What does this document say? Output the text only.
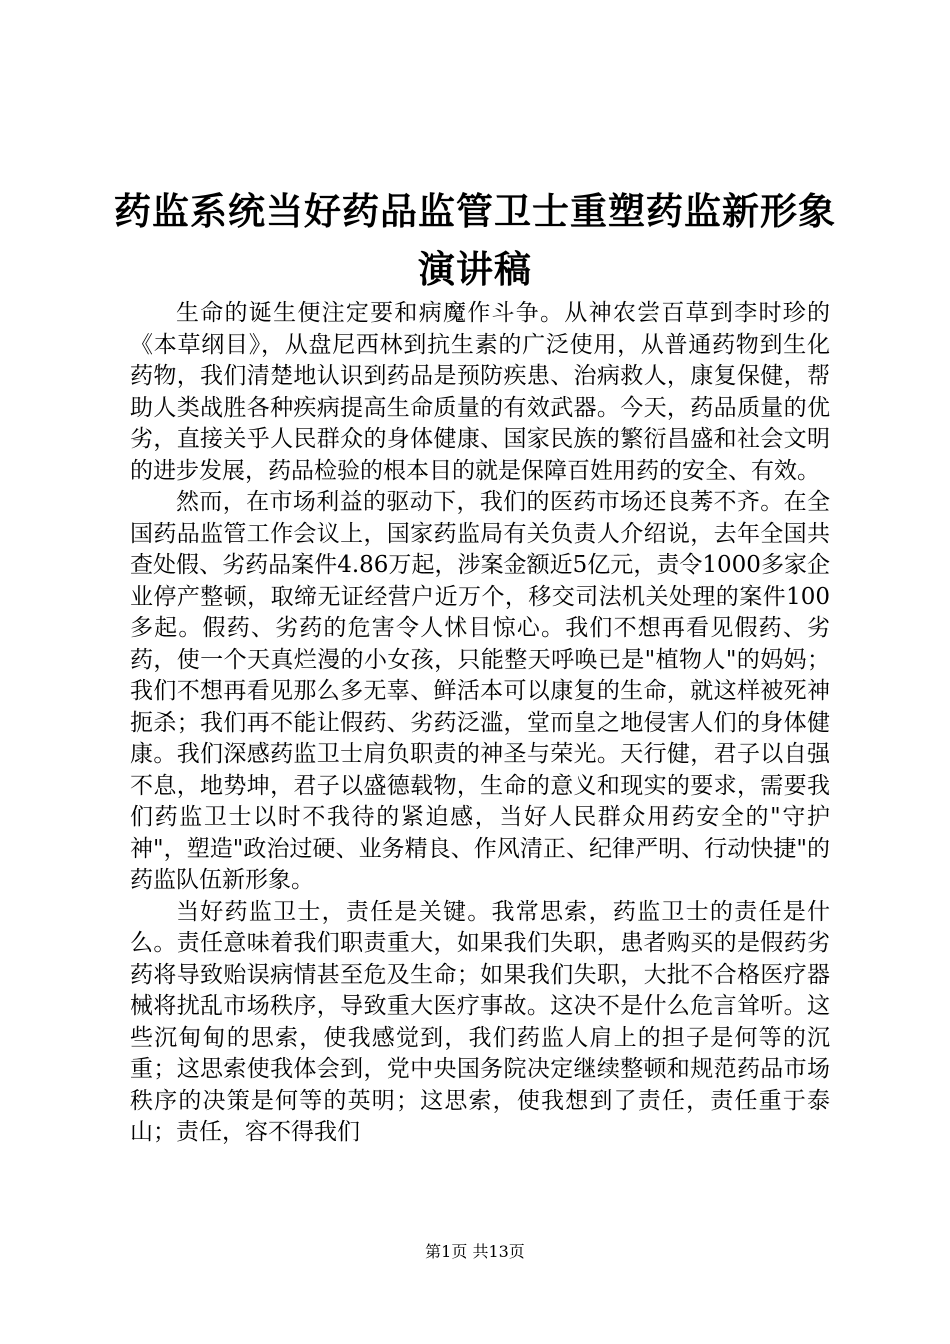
药监系统当好药品监管卫士重塑药监新形象演讲稿

生命的诞生便注定要和病魔作斗争。从神农尝百草到李时珍的《本草纲目》，从盘尼西林到抗生素的广泛使用，从普通药物到生化药物，我们清楚地认识到药品是预防疾患、治病救人，康复保健，帮助人类战胜各种疾病提高生命质量的有效武器。今天，药品质量的优劣，直接关乎人民群众的身体健康、国家民族的繁衍昌盛和社会文明的进步发展，药品检验的根本目的就是保障百姓用药的安全、有效。

然而，在市场利益的驱动下，我们的医药市场还良莠不齐。在全国药品监管工作会议上，国家药监局有关负责人介绍说，去年全国共查处假、劣药品案件4.86万起，涉案金额近5亿元，责令1000多家企业停产整顿，取缔无证经营户近万个，移交司法机关处理的案件100多起。假药、劣药的危害令人怵目惊心。我们不想再看见假药、劣药，使一个天真烂漫的小女孩，只能整天呼唤已是"植物人"的妈妈；我们不想再看见那么多无辜、鲜活本可以康复的生命，就这样被死神扼杀；我们再不能让假药、劣药泛滥，堂而皇之地侵害人们的身体健康。我们深感药监卫士肩负职责的神圣与荣光。天行健，君子以自强不息，地势坤，君子以盛德载物，生命的意义和现实的要求，需要我们药监卫士以时不我待的紧迫感，当好人民群众用药安全的"守护神"，塑造"政治过硬、业务精良、作风清正、纪律严明、行动快捷"的药监队伍新形象。

当好药监卫士，责任是关键。我常思索，药监卫士的责任是什么。责任意味着我们职责重大，如果我们失职，患者购买的是假药劣药将导致贻误病情甚至危及生命；如果我们失职，大批不合格医疗器械将扰乱市场秩序，导致重大医疗事故。这决不是什么危言耸听。这些沉甸甸的思索，使我感觉到，我们药监人肩上的担子是何等的沉重；这思索使我体会到，党中央国务院决定继续整顿和规范药品市场秩序的决策是何等的英明；这思索，使我想到了责任，责任重于泰山；责任，容不得我们

第1页 共13页
